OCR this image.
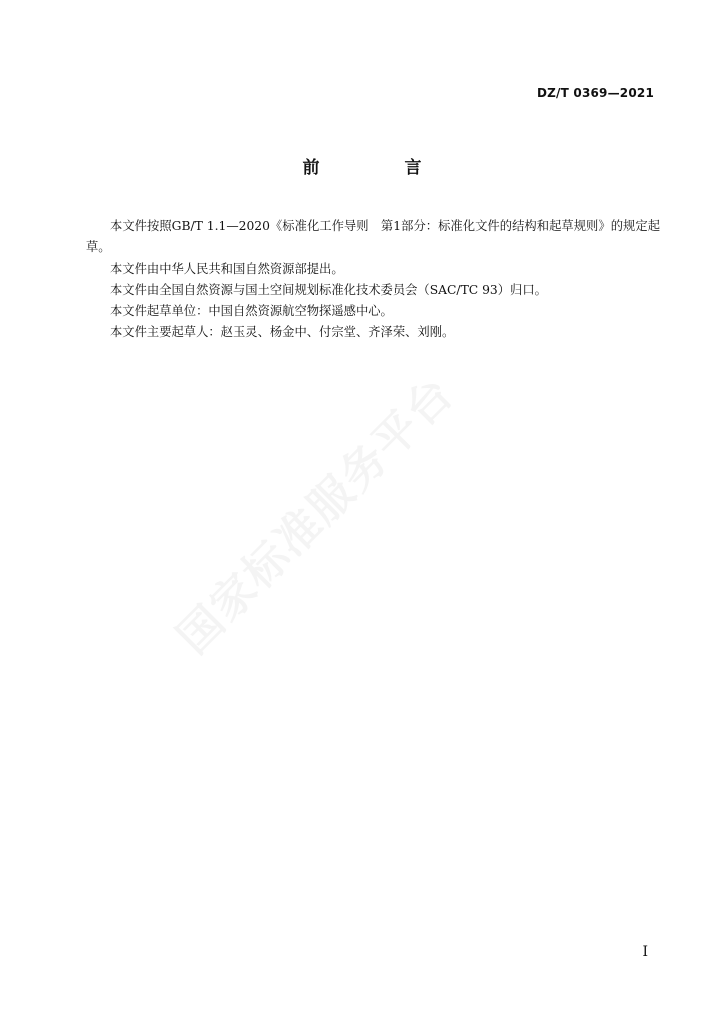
DZ/T 0369—2021
前　言

本文件按照GB/T 1.1—2020《标准化工作导则　第1部分：标准化文件的结构和起草规则》的规定起草。

本文件由中华人民共和国自然资源部提出。

本文件由全国自然资源与国土空间规划标准化技术委员会（SAC/TC 93）归口。

本文件起草单位：中国自然资源航空物探遥感中心。

本文件主要起草人：赵玉灵、杨金中、付宗堂、齐泽荣、刘刚。

I
